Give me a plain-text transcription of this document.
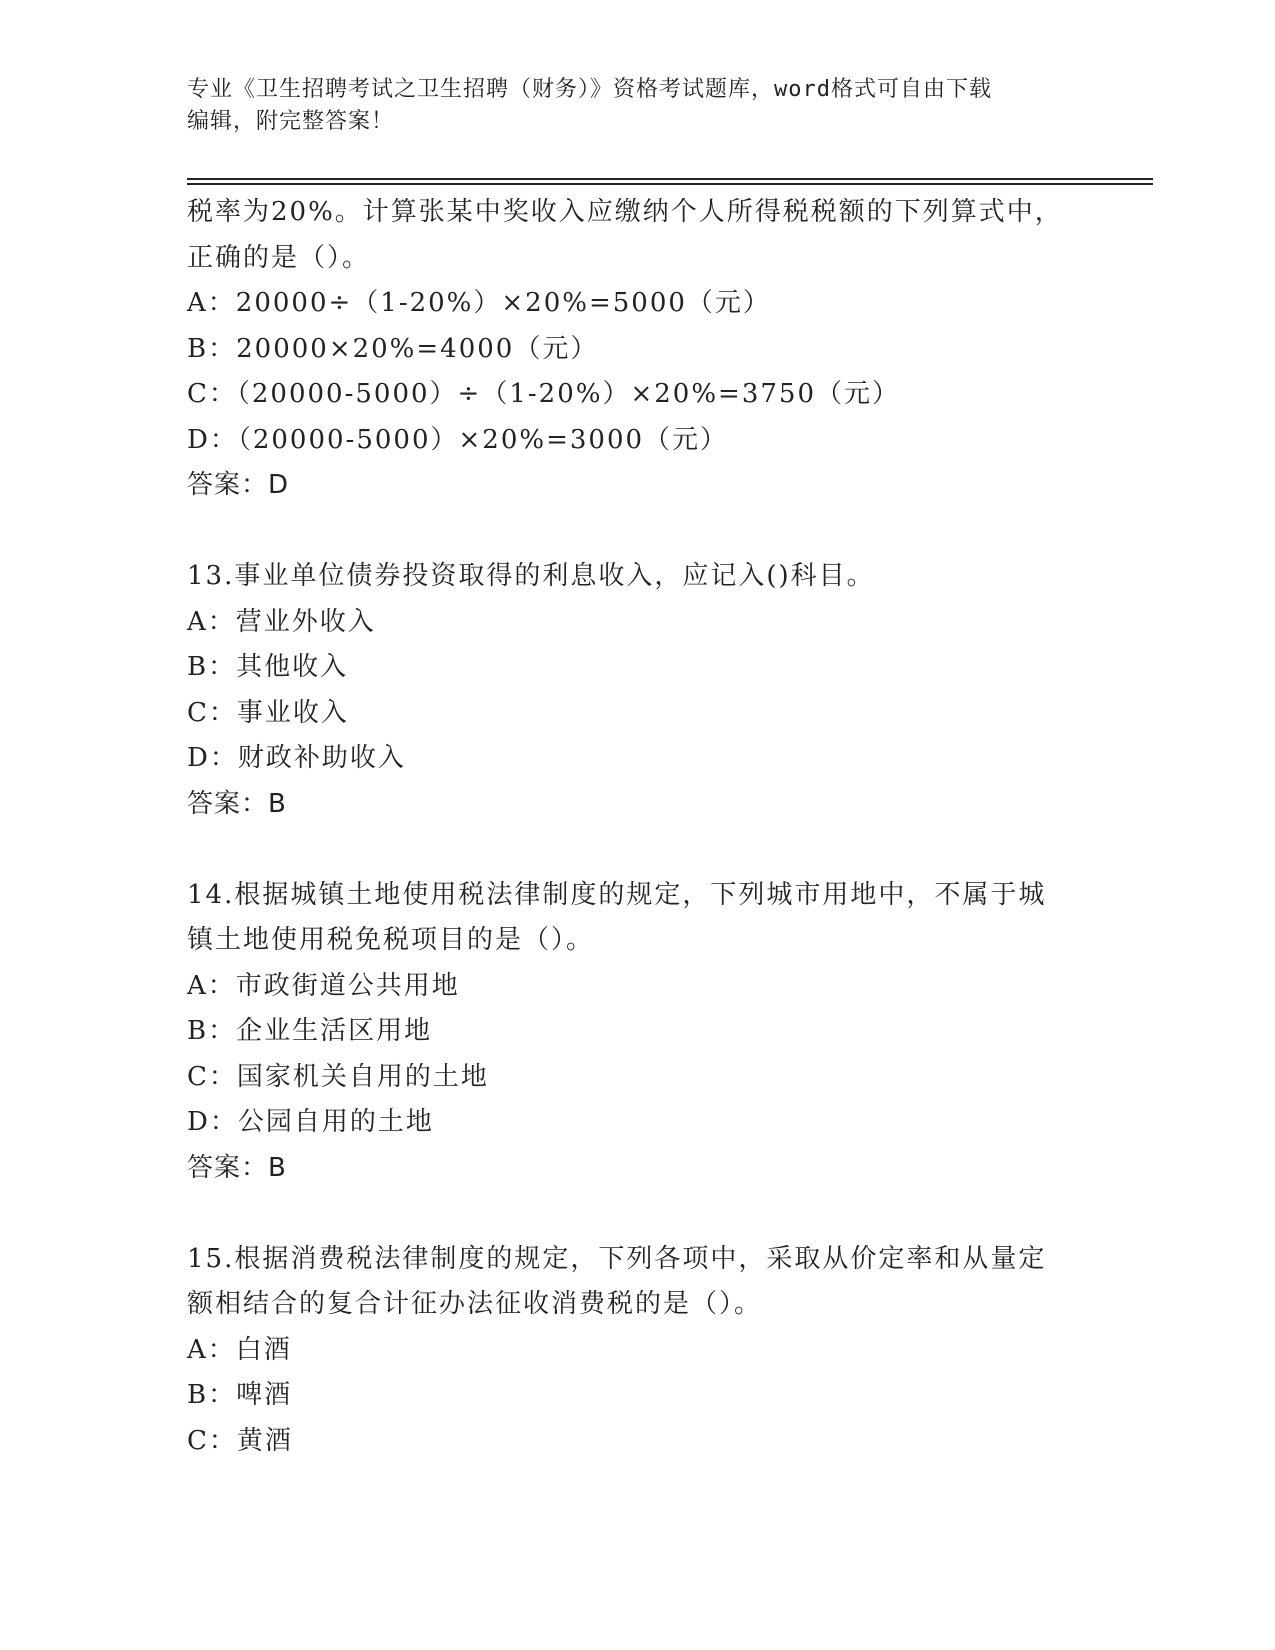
专业《卫生招聘考试之卫生招聘（财务）》资格考试题库，word格式可自由下载
编辑，附完整答案！
税率为20%。计算张某中奖收入应缴纳个人所得税税额的下列算式中，
正确的是（）。
A：20000÷（1-20%）×20%=5000（元）
B：20000×20%=4000（元）
C：（20000-5000）÷（1-20%）×20%=3750（元）
D：（20000-5000）×20%=3000（元）
答案：D
13.事业单位债券投资取得的利息收入，应记入()科目。
A：营业外收入
B：其他收入
C：事业收入
D：财政补助收入
答案：B
14.根据城镇土地使用税法律制度的规定，下列城市用地中，不属于城
镇土地使用税免税项目的是（）。
A：市政街道公共用地
B：企业生活区用地
C：国家机关自用的土地
D：公园自用的土地
答案：B
15.根据消费税法律制度的规定，下列各项中，采取从价定率和从量定
额相结合的复合计征办法征收消费税的是（）。
A：白酒
B：啤酒
C：黄酒
